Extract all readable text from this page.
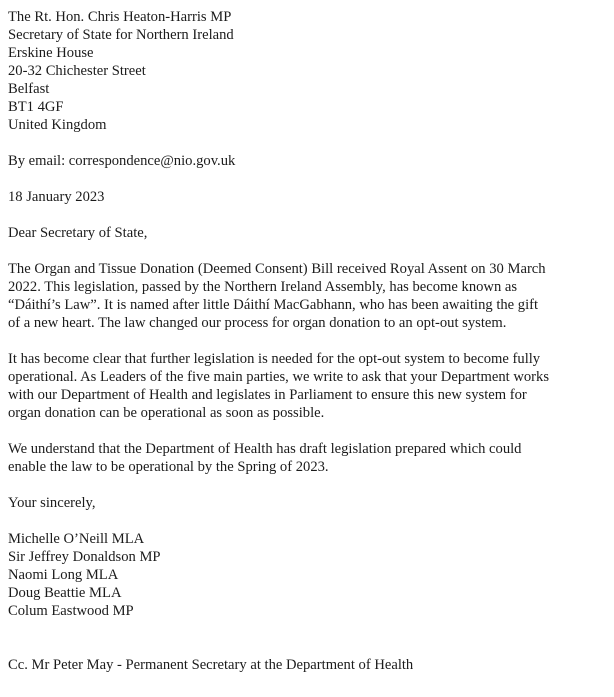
The Rt. Hon. Chris Heaton-Harris MP
Secretary of State for Northern Ireland
Erskine House
20-32 Chichester Street
Belfast
BT1 4GF
United Kingdom
By email: correspondence@nio.gov.uk
18 January 2023
Dear Secretary of State,
The Organ and Tissue Donation (Deemed Consent) Bill received Royal Assent on 30 March
2022. This legislation, passed by the Northern Ireland Assembly, has become known as
“Dáithí’s Law”. It is named after little Dáithí MacGabhann, who has been awaiting the gift
of a new heart. The law changed our process for organ donation to an opt-out system.
It has become clear that further legislation is needed for the opt-out system to become fully
operational. As Leaders of the five main parties, we write to ask that your Department works
with our Department of Health and legislates in Parliament to ensure this new system for
organ donation can be operational as soon as possible.
We understand that the Department of Health has draft legislation prepared which could
enable the law to be operational by the Spring of 2023.
Your sincerely,
Michelle O’Neill MLA
Sir Jeffrey Donaldson MP
Naomi Long MLA
Doug Beattie MLA
Colum Eastwood MP
Cc. Mr Peter May - Permanent Secretary at the Department of Health
